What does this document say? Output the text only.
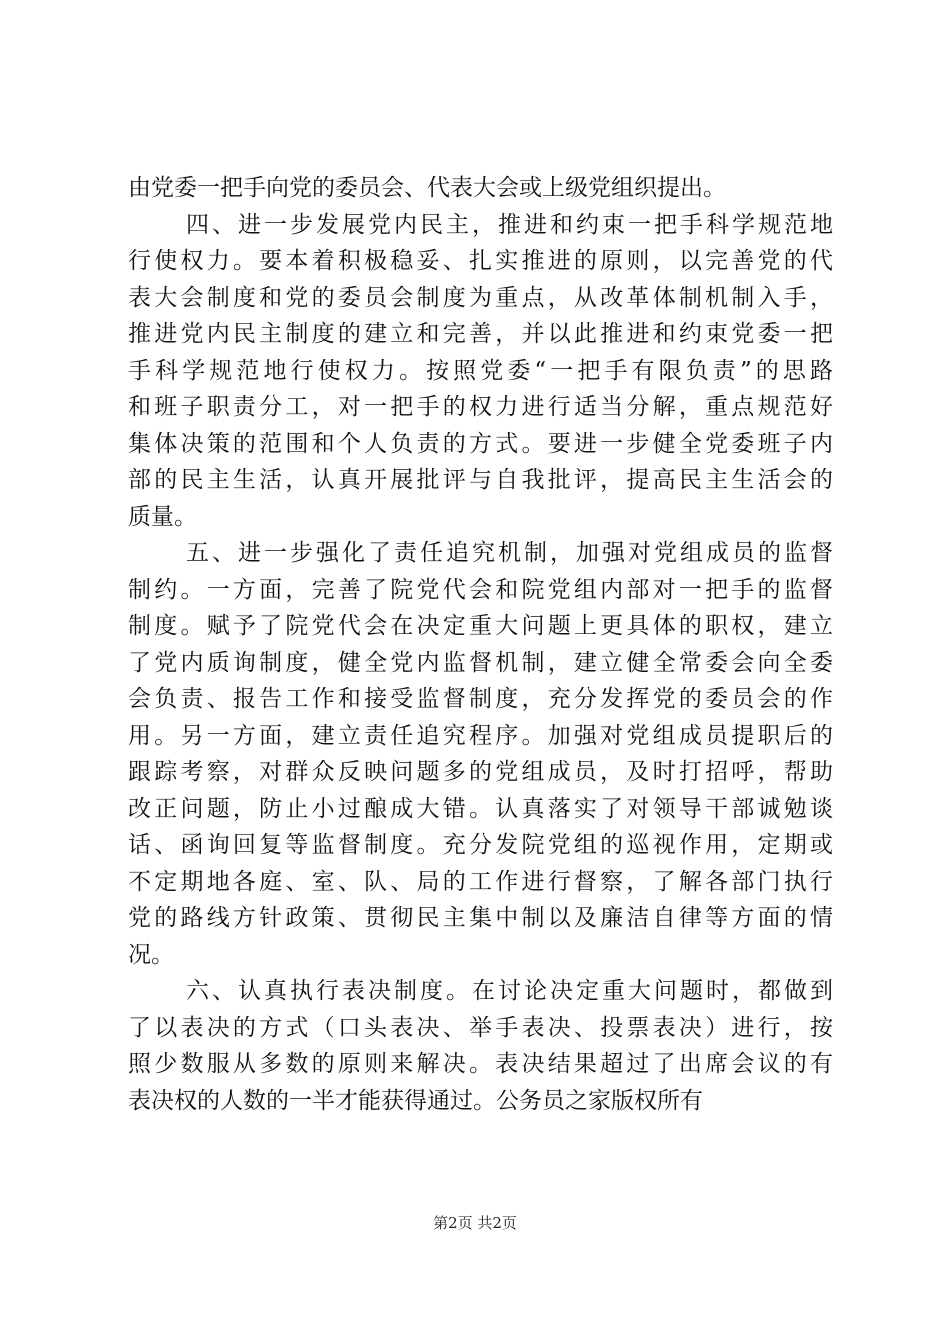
由党委一把手向党的委员会、代表大会或上级党组织提出。
四、进一步发展党内民主，推进和约束一把手科学规范地
行使权力。要本着积极稳妥、扎实推进的原则，以完善党的代
表大会制度和党的委员会制度为重点，从改革体制机制入手，
推进党内民主制度的建立和完善，并以此推进和约束党委一把
手科学规范地行使权力。按照党委“一把手有限负责”的思路
和班子职责分工，对一把手的权力进行适当分解，重点规范好
集体决策的范围和个人负责的方式。要进一步健全党委班子内
部的民主生活，认真开展批评与自我批评，提高民主生活会的
质量。
五、进一步强化了责任追究机制，加强对党组成员的监督
制约。一方面，完善了院党代会和院党组内部对一把手的监督
制度。赋予了院党代会在决定重大问题上更具体的职权，建立
了党内质询制度，健全党内监督机制，建立健全常委会向全委
会负责、报告工作和接受监督制度，充分发挥党的委员会的作
用。另一方面，建立责任追究程序。加强对党组成员提职后的
跟踪考察，对群众反映问题多的党组成员，及时打招呼，帮助
改正问题，防止小过酿成大错。认真落实了对领导干部诚勉谈
话、函询回复等监督制度。充分发院党组的巡视作用，定期或
不定期地各庭、室、队、局的工作进行督察，了解各部门执行
党的路线方针政策、贯彻民主集中制以及廉洁自律等方面的情
况。
六、认真执行表决制度。在讨论决定重大问题时，都做到
了以表决的方式（口头表决、举手表决、投票表决）进行，按
照少数服从多数的原则来解决。表决结果超过了出席会议的有
表决权的人数的一半才能获得通过。公务员之家版权所有
第2页 共2页
